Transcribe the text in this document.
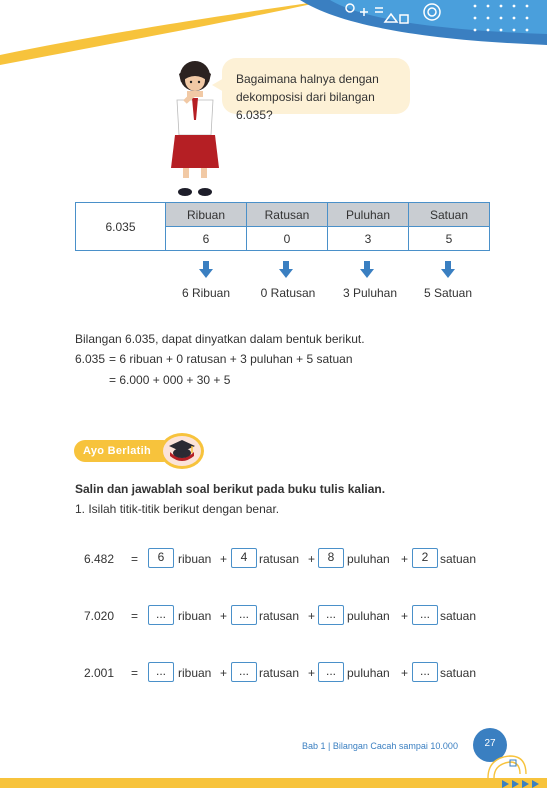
Bagaimana halnya dengan
dekomposisi dari bilangan 6.035?
6.035	Ribuan	Ratusan	Puluhan	Satuan
	6	0	3	5
6 Ribuan	0 Ratusan	3 Puluhan	5 Satuan
Bilangan 6.035, dapat dinyatkan dalam bentuk berikut.
6.035 = 6 ribuan + 0 ratusan + 3 puluhan + 5 satuan
= 6.000 + 000 + 30 + 5
Ayo Berlatih
Salin dan jawablah soal berikut pada buku tulis kalian.
1. Isilah titik-titik berikut dengan benar.
6.482 =	6	ribuan +	4 ratusan +	8	puluhan +	2 satuan
7.020 =	...	ribuan + ... ratusan + ... puluhan + ... satuan
2.001 =	...	ribuan + ... ratusan + ... puluhan + ... satuan
Bab 1 | Bilangan Cacah sampai 10.000	27
